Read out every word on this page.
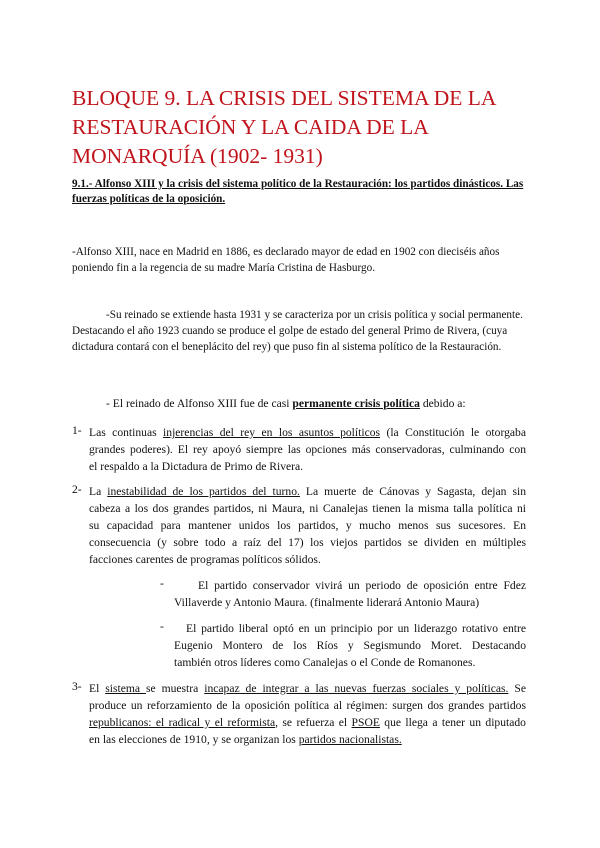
BLOQUE 9. LA CRISIS DEL SISTEMA DE LA
RESTAURACIÓN Y LA CAIDA DE LA
MONARQUÍA (1902- 1931)
9.1.- Alfonso XIII y la crisis del sistema político de la Restauración: los partidos dinásticos. Las
fuerzas políticas de la oposición.
-Alfonso XIII, nace en Madrid en 1886, es declarado mayor de edad en 1902 con dieciséis años
poniendo fin a la regencia de su madre María Cristina de Hasburgo.
-Su reinado se extiende hasta 1931 y se caracteriza por un crisis política y social permanente.
Destacando el año 1923 cuando se produce el golpe de estado del general Primo de Rivera, (cuya
dictadura contará con el beneplácito del rey) que puso fin al sistema político de la Restauración.
- El reinado de Alfonso XIII fue de casi permanente crisis política debido a:
1- Las continuas injerencias del rey en los asuntos políticos (la Constitución le otorgaba
grandes poderes). El rey apoyó siempre las opciones más conservadoras, culminando con
el respaldo a la Dictadura de Primo de Rivera.
2- La inestabilidad de los partidos del turno. La muerte de Cánovas y Sagasta, dejan sin
cabeza a los dos grandes partidos, ni Maura, ni Canalejas tienen la misma talla política ni
su capacidad para mantener unidos los partidos, y mucho menos sus sucesores. En
consecuencia (y sobre todo a raíz del 17) los viejos partidos se dividen en múltiples
facciones carentes de programas políticos sólidos.
-	El partido conservador vivirá un periodo de oposición entre Fdez
Villaverde y Antonio Maura. (finalmente liderará Antonio Maura)
-	El partido liberal optó en un principio por un liderazgo rotativo entre
Eugenio Montero de los Ríos y Segismundo Moret. Destacando
también otros líderes como Canalejas o el Conde de Romanones.
3- El sistema se muestra incapaz de integrar a las nuevas fuerzas sociales y políticas. Se
produce un reforzamiento de la oposición política al régimen: surgen dos grandes partidos
republicanos: el radical y el reformista, se refuerza el PSOE que llega a tener un diputado
en las elecciones de 1910, y se organizan los partidos nacionalistas.
